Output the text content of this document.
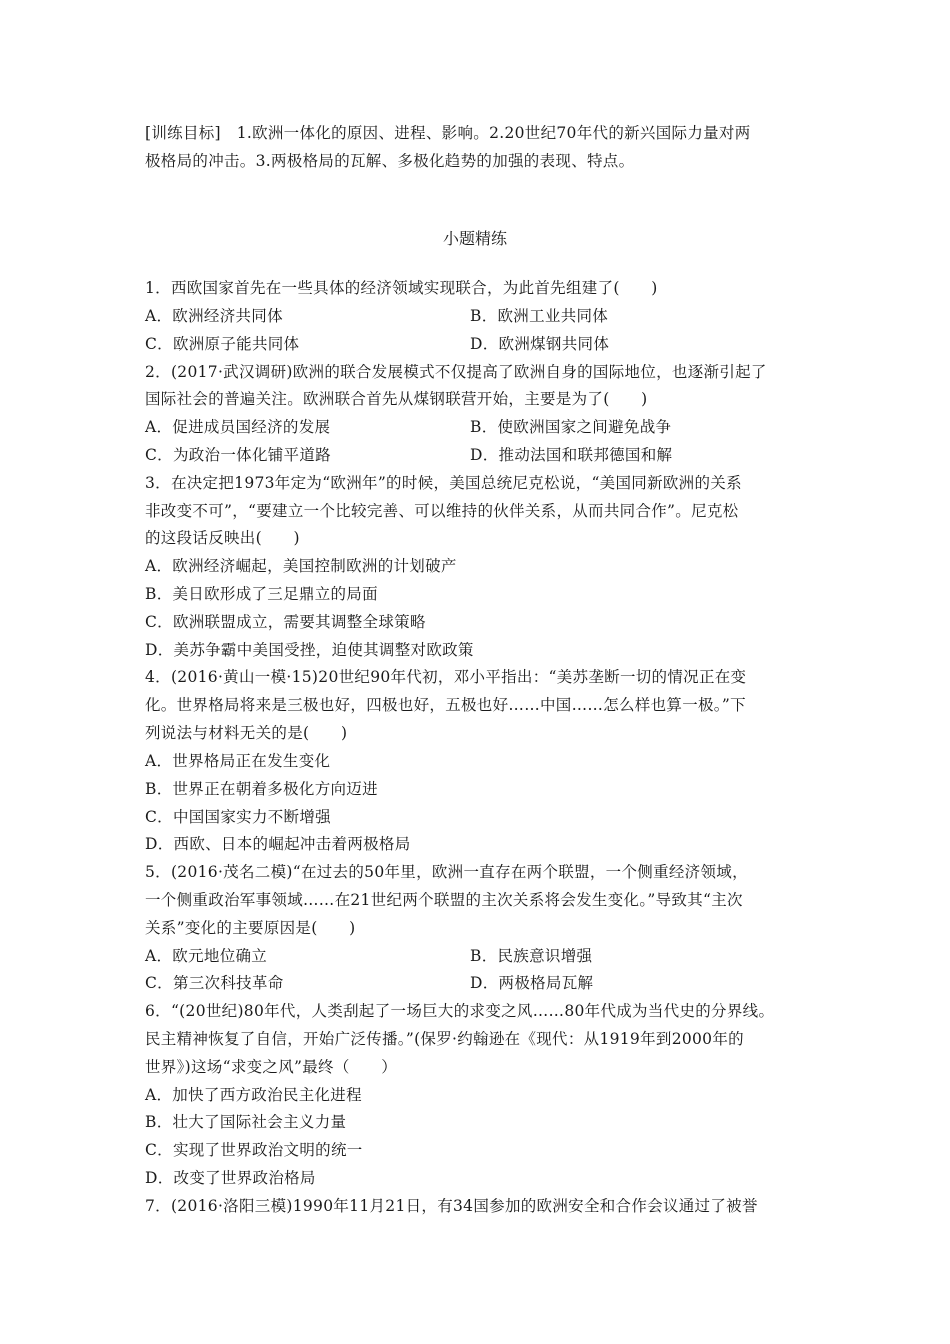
[训练目标]　1.欧洲一体化的原因、进程、影响。2.20世纪70年代的新兴国际力量对两
极格局的冲击。3.两极格局的瓦解、多极化趋势的加强的表现、特点。
小题精练
1．西欧国家首先在一些具体的经济领域实现联合，为此首先组建了(　　)
A．欧洲经济共同体	B．欧洲工业共同体
C．欧洲原子能共同体	D．欧洲煤钢共同体
2．(2017·武汉调研)欧洲的联合发展模式不仅提高了欧洲自身的国际地位，也逐渐引起了
国际社会的普遍关注。欧洲联合首先从煤钢联营开始，主要是为了(　　)
A．促进成员国经济的发展	B．使欧洲国家之间避免战争
C．为政治一体化铺平道路	D．推动法国和联邦德国和解
3．在决定把1973年定为“欧洲年”的时候，美国总统尼克松说，“美国同新欧洲的关系
非改变不可”，“要建立一个比较完善、可以维持的伙伴关系，从而共同合作”。尼克松
的这段话反映出(　　)
A．欧洲经济崛起，美国控制欧洲的计划破产
B．美日欧形成了三足鼎立的局面
C．欧洲联盟成立，需要其调整全球策略
D．美苏争霸中美国受挫，迫使其调整对欧政策
4．(2016·黄山一模·15)20世纪90年代初，邓小平指出：“美苏垄断一切的情况正在变
化。世界格局将来是三极也好，四极也好，五极也好……中国……怎么样也算一极。”下
列说法与材料无关的是(　　)
A．世界格局正在发生变化
B．世界正在朝着多极化方向迈进
C．中国国家实力不断增强
D．西欧、日本的崛起冲击着两极格局
5．(2016·茂名二模)“在过去的50年里，欧洲一直存在两个联盟，一个侧重经济领域，
一个侧重政治军事领域……在21世纪两个联盟的主次关系将会发生变化。”导致其“主次
关系”变化的主要原因是(　　)
A．欧元地位确立	B．民族意识增强
C．第三次科技革命	D．两极格局瓦解
6．“(20世纪)80年代，人类刮起了一场巨大的求变之风……80年代成为当代史的分界线。
民主精神恢复了自信，开始广泛传播。”(保罗·约翰逊在《现代：从1919年到2000年的
世界》)这场“求变之风”最终（　　）
A．加快了西方政治民主化进程
B．壮大了国际社会主义力量
C．实现了世界政治文明的统一
D．改变了世界政治格局
7．(2016·洛阳三模)1990年11月21日，有34国参加的欧洲安全和合作会议通过了被誉
